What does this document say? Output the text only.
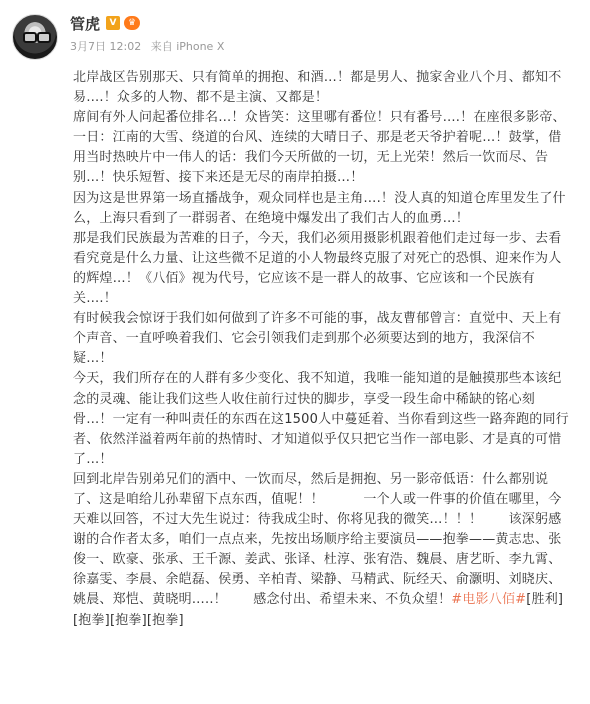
管虎	V	♛
3月7日 12:02 来自 iPhone X

北岸战区告别那天、只有简单的拥抱、和酒…！都是男人、抛家舍业八个月、都知不易….！众多的人物、都不是主演、又都是！

席间有外人问起番位排名…！众皆笑：这里哪有番位！只有番号….！在座很多影帝、一日：江南的大雪、绕道的台风、连续的大晴日子、那是老天爷护着呢…！鼓掌，借用当时热映片中一伟人的话：我们今天所做的一切，无上光荣！然后一饮而尽、告别…！快乐短暂、接下来还是无尽的南岸拍摄…！

因为这是世界第一场直播战争，观众同样也是主角….！没人真的知道仓库里发生了什么，上海只看到了一群弱者、在绝境中爆发出了我们古人的血勇…！

那是我们民族最为苦难的日子，今天，我们必须用摄影机跟着他们走过每一步、去看看究竟是什么力量、让这些微不足道的小人物最终克服了对死亡的恐惧、迎来作为人的辉煌…！《八佰》视为代号，它应该不是一群人的故事、它应该和一个民族有关….！

有时候我会惊讶于我们如何做到了许多不可能的事，战友曹郁曾言：直觉中、天上有个声音、一直呼唤着我们、它会引领我们走到那个必须要达到的地方，我深信不疑…！

今天，我们所存在的人群有多少变化、我不知道，我唯一能知道的是触摸那些本该纪念的灵魂、能让我们这些人收住前行过快的脚步，享受一段生命中稀缺的铭心刻骨…！一定有一种叫责任的东西在这1500人中蔓延着、当你看到这些一路奔跑的同行者、依然洋溢着两年前的热情时、才知道似乎仅只把它当作一部电影、才是真的可惜了…！

回到北岸告别弟兄们的酒中、一饮而尽，然后是拥抱、另一影帝低语：什么都别说了、这是咱给儿孙辈留下点东西，值呢！！　　　一个人或一件事的价值在哪里，今天难以回答，不过大先生说过：待我成尘时、你将见我的微笑…！！！　　该深躬感谢的合作者太多，咱们一点点来，先按出场顺序给主要演员——抱拳——黄志忠、张俊一、欧豪、张承、王千源、姜武、张译、杜淳、张宥浩、魏晨、唐艺昕、李九霄、徐嘉雯、李晨、余皑磊、侯勇、辛柏青、梁静、马精武、阮经天、俞灏明、刘晓庆、姚晨、郑恺、黄晓明…..！　　感念付出、希望未来、不负众望！#电影八佰#[胜利][抱拳][抱拳][抱拳]
